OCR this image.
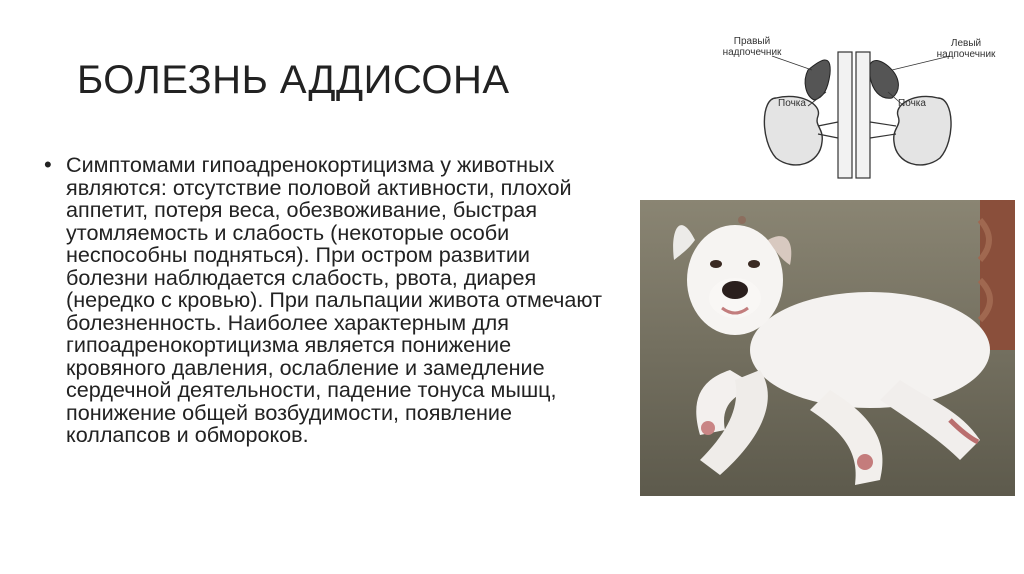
БОЛЕЗНЬ АДДИСОНА
• Симптомами гипоадренокортицизма у животных являются: отсутствие половой активности, плохой аппетит, потеря веса, обезвоживание, быстрая утомляемость и слабость (некоторые особи неспособны подняться). При остром развитии болезни наблюдается слабость, рвота, диарея (нередко с кровью). При пальпации живота отмечают болезненность. Наиболее характерным для гипоадренокортицизма является понижение кровяного давления, ослабление и замедление сердечной деятельности, падение тонуса мышц, понижение общей возбудимости, появление коллапсов и обмороков.
Правый надпочечник
Левый надпочечник
Почка	Почка
